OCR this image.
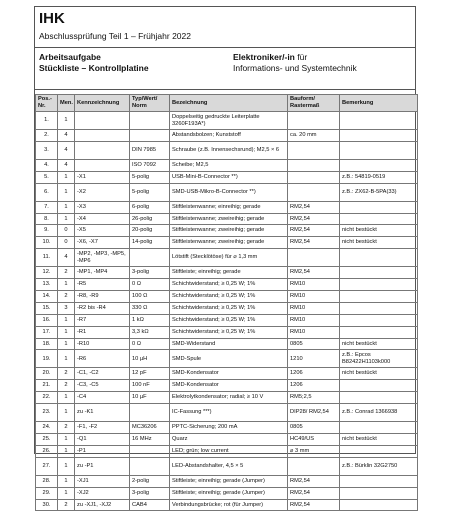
IHK
Abschlussprüfung Teil 1 – Frühjahr 2022
Arbeitsaufgabe
Stückliste – Kontrollplatine
Elektroniker/-in für
Informations- und Systemtechnik
Pos.-Nr.	Men.	Kennzeichnung	Typ/Wert/ Norm	Bezeichnung	Bauform/ Rastermaß	Bemerkung
1.	1			Doppelseitig gedruckte Leiterplatte 3260F193A*)		
2.	4			Abstandsbolzen; Kunststoff	ca. 20 mm	
3.	4		DIN 7985	Schraube (z.B. Innensechsrund); M2,5 × 6		
4.	4		ISO 7092	Scheibe; M2,5		
5.	1	-X1	5-polig	USB-Mini-B-Connector **)		z.B.: 54819-0519
6.	1	-X2	5-polig	SMD-USB-Mikro-B-Connector **)		z.B.: ZX62-B-5PA(33)
7.	1	-X3	6-polig	Stiftleistenwanne; einreihig; gerade	RM2,54	
8.	1	-X4	26-polig	Stiftleistenwanne; zweireihig; gerade	RM2,54	
9.	0	-X5	20-polig	Stiftleistenwanne; zweireihig; gerade	RM2,54	nicht bestückt
10.	0	-X6, -X7	14-polig	Stiftleistenwanne; zweireihig; gerade	RM2,54	nicht bestückt
11.	4	-MP2, -MP3, -MP5, -MP6		Lötstift (Stecklötöse) für ⌀ 1,3 mm		
12.	2	-MP1, -MP4	3-polig	Stiftleiste; einreihig; gerade	RM2,54	
13.	1	-R5	0 Ω	Schichtwiderstand; ≥ 0,25 W; 1%	RM10	
14.	2	-R8, -R9	100 Ω	Schichtwiderstand; ≥ 0,25 W; 1%	RM10	
15.	3	-R2 bis -R4	330 Ω	Schichtwiderstand; ≥ 0,25 W; 1%	RM10	
16.	1	-R7	1 kΩ	Schichtwiderstand; ≥ 0,25 W; 1%	RM10	
17.	1	-R1	3,3 kΩ	Schichtwiderstand; ≥ 0,25 W; 1%	RM10	
18.	1	-R10	0 Ω	SMD-Widerstand	0805	nicht bestückt
19.	1	-R6	10 µH	SMD-Spule	1210	z.B.: Epcos B82422H1103k000
20.	2	-C1, -C2	12 pF	SMD-Kondensator	1206	nicht bestückt
21.	2	-C3, -C5	100 nF	SMD-Kondensator	1206	
22.	1	-C4	10 µF	Elektrolytkondensator; radial; ≥ 10 V	RM5;2,5	
23.	1	zu -K1		IC-Fassung ***)	DIP28/ RM2,54	z.B.: Conrad 1366938
24.	2	-F1, -F2	MC36206	PPTC-Sicherung; 200 mA	0805	
25.	1	-Q1	16 MHz	Quarz	HC49/US	nicht bestückt
26.	1	-P1		LED; grün; low current	⌀ 3 mm	
27.	1	zu -P1		LED-Abstandshalter, 4,5 × 5		z.B.: Bürklin 32G2750
28.	1	-XJ1	2-polig	Stiftleiste; einreihig; gerade (Jumper)	RM2,54	
29.	1	-XJ2	3-polig	Stiftleiste; einreihig; gerade (Jumper)	RM2,54	
30.	2	zu -XJ1, -XJ2	CAB4	Verbindungsbrücke; rot (für Jumper)	RM2,54	
